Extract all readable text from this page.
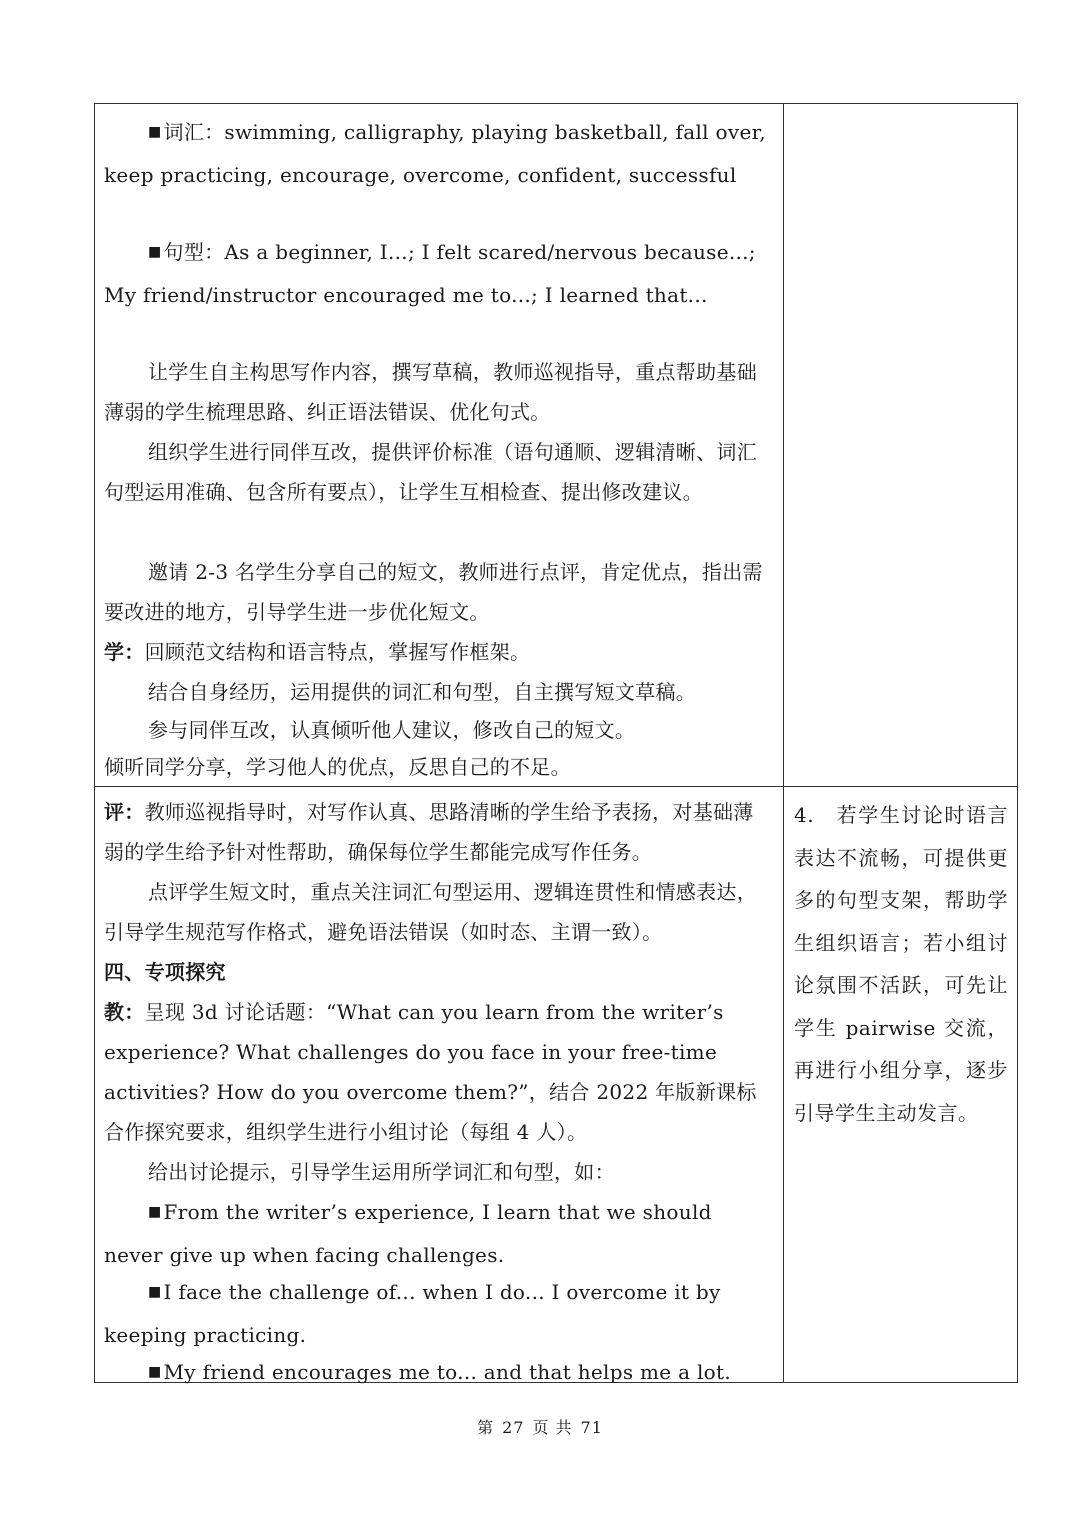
■ 词汇：swimming, calligraphy, playing basketball, fall over, keep practicing, encourage, overcome, confident, successful
■ 句型：As a beginner, I...; I felt scared/nervous because...; My friend/instructor encouraged me to...; I learned that...
让学生自主构思写作内容，撰写草稿，教师巡视指导，重点帮助基础薄弱的学生梳理思路、纠正语法错误、优化句式。
组织学生进行同伴互改，提供评价标准（语句通顺、逻辑清晰、词汇句型运用准确、包含所有要点），让学生互相检查、提出修改建议。
邀请 2-3 名学生分享自己的短文，教师进行点评，肯定优点，指出需要改进的地方，引导学生进一步优化短文。
学：回顾范文结构和语言特点，掌握写作框架。
结合自身经历，运用提供的词汇和句型，自主撰写短文草稿。
参与同伴互改，认真倾听他人建议，修改自己的短文。
倾听同学分享，学习他人的优点，反思自己的不足。
评：教师巡视指导时，对写作认真、思路清晰的学生给予表扬，对基础薄弱的学生给予针对性帮助，确保每位学生都能完成写作任务。
点评学生短文时，重点关注词汇句型运用、逻辑连贯性和情感表达，引导学生规范写作格式，避免语法错误（如时态、主谓一致）。
四、专项探究
教：呈现 3d 讨论话题：“What can you learn from the writer’s experience? What challenges do you face in your free-time activities? How do you overcome them?”，结合 2022 年版新课标合作探究要求，组织学生进行小组讨论（每组 4 人）。
给出讨论提示，引导学生运用所学词汇和句型，如：
■ From the writer’s experience, I learn that we should never give up when facing challenges.
■ I face the challenge of... when I do... I overcome it by keeping practicing.
■ My friend encourages me to... and that helps me a lot.
4.　若学生讨论时语言表达不流畅，可提供更多的句型支架，帮助学生组织语言；若小组讨论氛围不活跃，可先让学生 pairwise 交流，再进行小组分享，逐步引导学生主动发言。
第 27 页 共 71
